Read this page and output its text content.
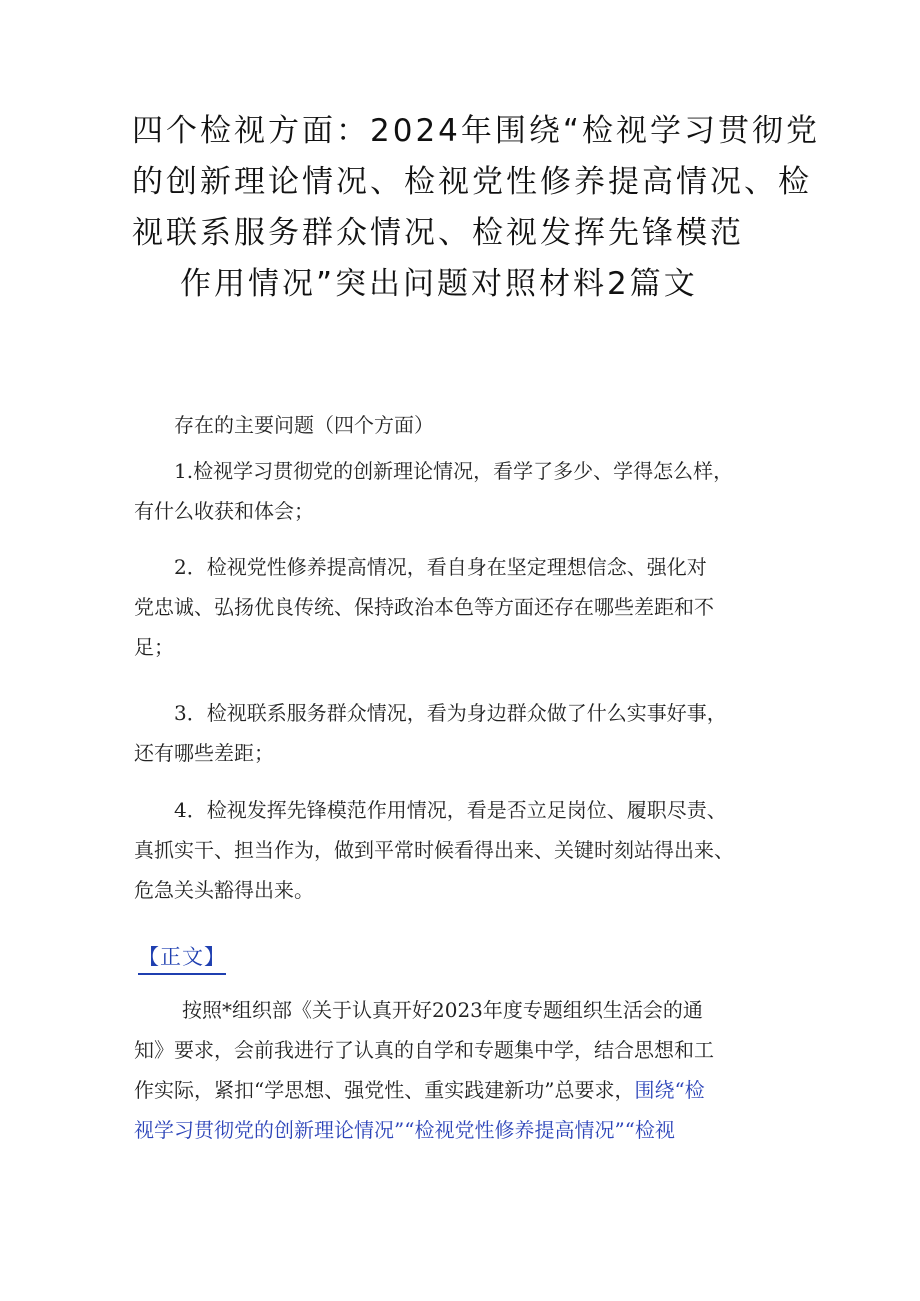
四个检视方面：2024年围绕“检视学习贯彻党
的创新理论情况、检视党性修养提高情况、检
视联系服务群众情况、检视发挥先锋模范
作用情况”突出问题对照材料2篇文
存在的主要问题（四个方面）
1.检视学习贯彻党的创新理论情况，看学了多少、学得怎么样，
有什么收获和体会；
2．检视党性修养提高情况，看自身在坚定理想信念、强化对
党忠诚、弘扬优良传统、保持政治本色等方面还存在哪些差距和不
足；
3．检视联系服务群众情况，看为身边群众做了什么实事好事，
还有哪些差距；
4．检视发挥先锋模范作用情况，看是否立足岗位、履职尽责、
真抓实干、担当作为，做到平常时候看得出来、关键时刻站得出来、
危急关头豁得出来。
【正文】
按照*组织部《关于认真开好2023年度专题组织生活会的通
知》要求，会前我进行了认真的自学和专题集中学，结合思想和工
作实际，紧扣“学思想、强党性、重实践建新功”总要求，围绕“检
视学习贯彻党的创新理论情况”“检视党性修养提高情况”“检视
